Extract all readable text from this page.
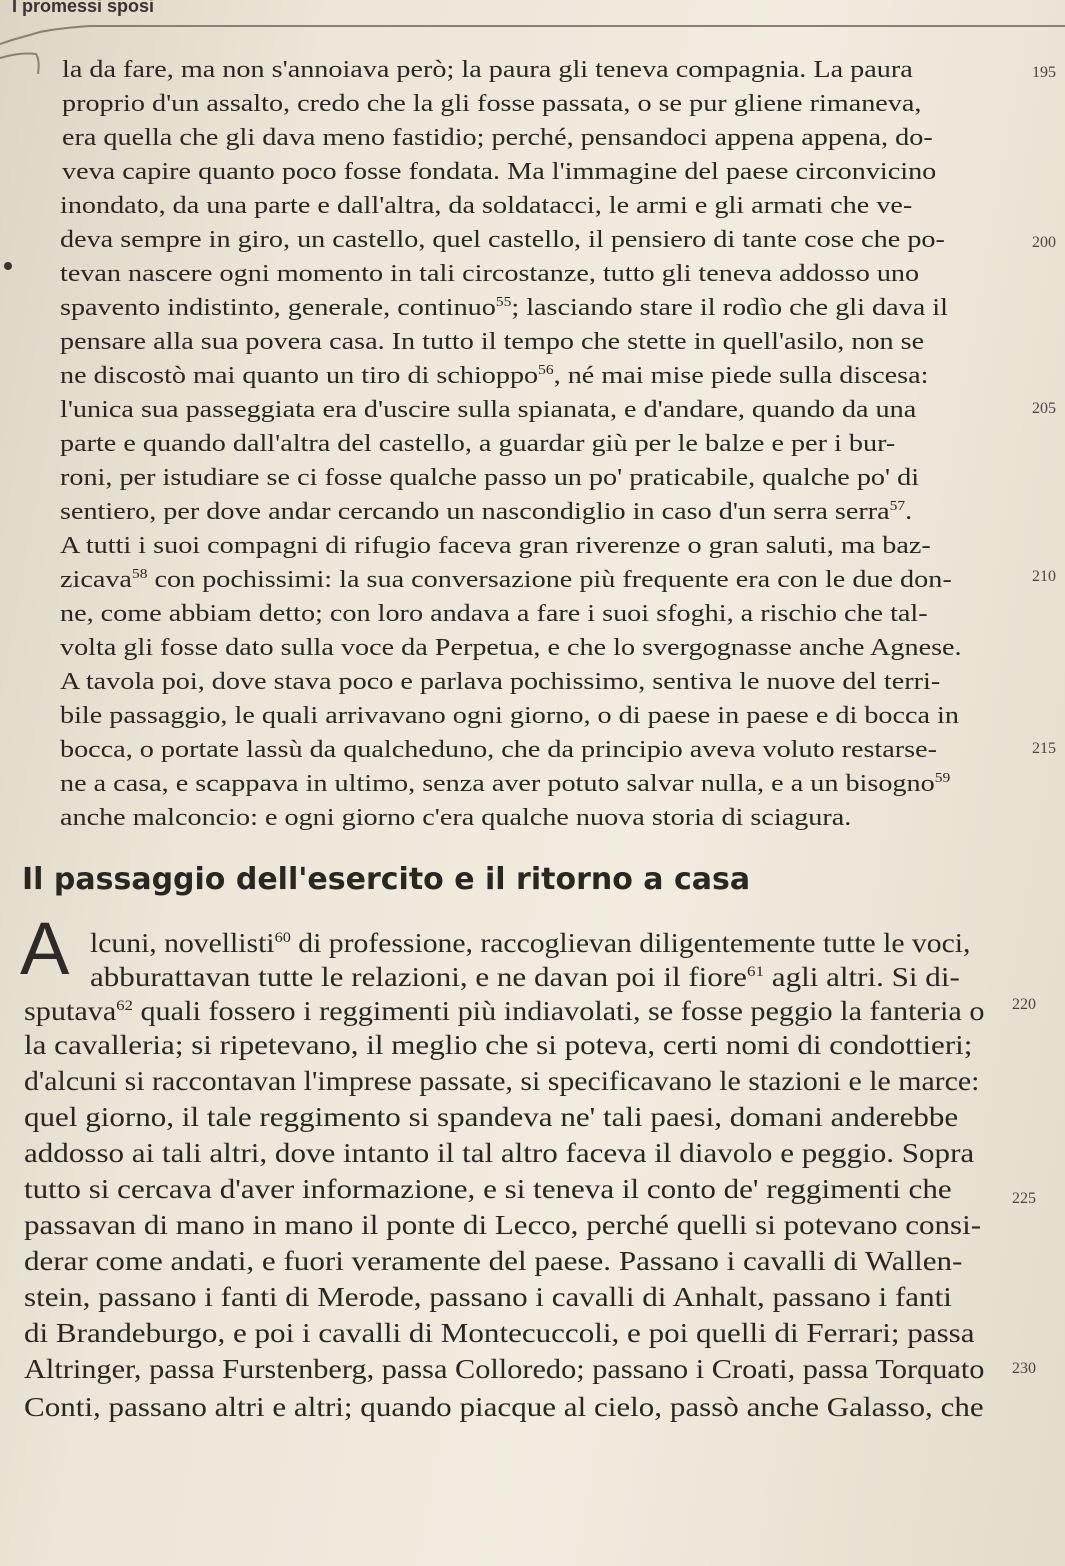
I promessi sposi
la da fare, ma non s'annoiava però; la paura gli teneva compagnia. La paura
proprio d'un assalto, credo che la gli fosse passata, o se pur gliene rimaneva,
era quella che gli dava meno fastidio; perché, pensandoci appena appena, do-
veva capire quanto poco fosse fondata. Ma l'immagine del paese circonvicino
inondato, da una parte e dall'altra, da soldatacci, le armi e gli armati che ve-
deva sempre in giro, un castello, quel castello, il pensiero di tante cose che po-
tevan nascere ogni momento in tali circostanze, tutto gli teneva addosso uno
spavento indistinto, generale, continuo$^{55}$; lasciando stare il rodìo che gli dava il
pensare alla sua povera casa. In tutto il tempo che stette in quell'asilo, non se
ne discostò mai quanto un tiro di schioppo$^{56}$, né mai mise piede sulla discesa:
l'unica sua passeggiata era d'uscire sulla spianata, e d'andare, quando da una
parte e quando dall'altra del castello, a guardar giù per le balze e per i bur-
roni, per istudiare se ci fosse qualche passo un po' praticabile, qualche po' di
sentiero, per dove andar cercando un nascondiglio in caso d'un serra serra$^{57}$.
A tutti i suoi compagni di rifugio faceva gran riverenze o gran saluti, ma baz-
zicava$^{58}$ con pochissimi: la sua conversazione più frequente era con le due don-
ne, come abbiam detto; con loro andava a fare i suoi sfoghi, a rischio che tal-
volta gli fosse dato sulla voce da Perpetua, e che lo svergognasse anche Agnese.
A tavola poi, dove stava poco e parlava pochissimo, sentiva le nuove del terri-
bile passaggio, le quali arrivavano ogni giorno, o di paese in paese e di bocca in
bocca, o portate lassù da qualcheduno, che da principio aveva voluto restarse-
ne a casa, e scappava in ultimo, senza aver potuto salvar nulla, e a un bisogno$^{59}$
anche malconcio: e ogni giorno c'era qualche nuova storia di sciagura.
195
200
205
210
215
Il passaggio dell'esercito e il ritorno a casa
A lcuni, novellisti$^{60}$ di professione, raccoglievan diligentemente tutte le voci,
abburattavan tutte le relazioni, e ne davan poi il fiore$^{61}$ agli altri. Si di-
sputava$^{62}$ quali fossero i reggimenti più indiavolati, se fosse peggio la fanteria o
la cavalleria; si ripetevano, il meglio che si poteva, certi nomi di condottieri;
d'alcuni si raccontavan l'imprese passate, si specificavano le stazioni e le marce:
quel giorno, il tale reggimento si spandeva ne' tali paesi, domani anderebbe
addosso ai tali altri, dove intanto il tal altro faceva il diavolo e peggio. Sopra
tutto si cercava d'aver informazione, e si teneva il conto de' reggimenti che
passavan di mano in mano il ponte di Lecco, perché quelli si potevano consi-
derar come andati, e fuori veramente del paese. Passano i cavalli di Wallen-
stein, passano i fanti di Merode, passano i cavalli di Anhalt, passano i fanti
di Brandeburgo, e poi i cavalli di Montecuccoli, e poi quelli di Ferrari; passa
Altringer, passa Furstenberg, passa Colloredo; passano i Croati, passa Torquato
Conti, passano altri e altri; quando piacque al cielo, passò anche Galasso, che
220
225
230
